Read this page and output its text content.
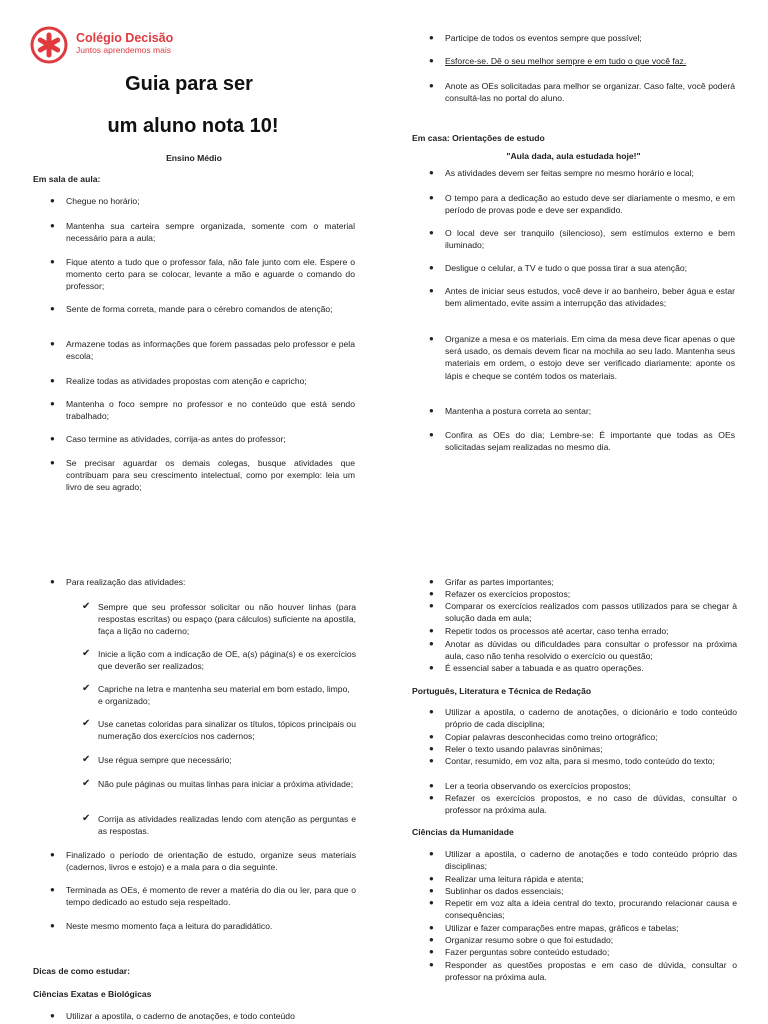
Colégio Decisão
Juntos aprendemos mais
Guia para ser
um aluno nota 10!
Ensino Médio
Em sala de aula:
● Chegue no horário;

● Mantenha sua carteira sempre organizada, somente com o material necessário para a aula;

● Fique atento a tudo que o professor fala, não fale junto com ele. Espere o momento certo para se colocar, levante a mão e aguarde o comando do professor;

● Sente de forma correta, mande para o cérebro comandos de atenção;

● Armazene todas as informações que forem passadas pelo professor e pela escola;

● Realize todas as atividades propostas com atenção e capricho;

● Mantenha o foco sempre no professor e no conteúdo que está sendo trabalhado;

● Caso termine as atividades, corrija-as antes do professor;

● Se precisar aguardar os demais colegas, busque atividades que contribuam para seu crescimento intelectual, como por exemplo: leia um livro de seu agrado;

● Participe de todos os eventos sempre que possível;

● Esforce-se. Dê o seu melhor sempre e em tudo o que você faz.

● Anote as OEs solicitadas para melhor se organizar. Caso falte, você poderá consultá-las no portal do aluno.

Em casa: Orientações de estudo
"Aula dada, aula estudada hoje!"
● As atividades devem ser feitas sempre no mesmo horário e local;

● O tempo para a dedicação ao estudo deve ser diariamente o mesmo, e em período de provas pode e deve ser expandido.

● O local deve ser tranquilo (silencioso), sem estímulos externo e bem iluminado;

● Desligue o celular, a TV e tudo o que possa tirar a sua atenção;

● Antes de iniciar seus estudos, você deve ir ao banheiro, beber água e estar bem alimentado, evite assim a interrupção das atividades;

● Organize a mesa e os materiais. Em cima da mesa deve ficar apenas o que será usado, os demais devem ficar na mochila ao seu lado. Mantenha seus materiais em ordem, o estojo deve ser verificado diariamente: aponte os lápis e cheque se contém todos os materiais.

● Mantenha a postura correta ao sentar;

● Confira as OEs do dia; Lembre-se: É importante que todas as OEs solicitadas sejam realizadas no mesmo dia.

● Para realização das atividades:

✔ Sempre que seu professor solicitar ou não houver linhas (para respostas escritas) ou espaço (para cálculos) suficiente na apostila, faça a lição no caderno;

✔ Inicie a lição com a indicação de OE, a(s) página(s) e os exercícios que deverão ser realizados;

✔ Capriche na letra e mantenha seu material em bom estado, limpo, e organizado;

✔ Use canetas coloridas para sinalizar os títulos, tópicos principais ou numeração dos exercícios nos cadernos;

✔ Use régua sempre que necessário;

✔ Não pule páginas ou muitas linhas para iniciar a próxima atividade;

✔ Corrija as atividades realizadas lendo com atenção as perguntas e as respostas.

● Finalizado o período de orientação de estudo, organize seus materiais (cadernos, livros e estojo) e a mala para o dia seguinte.

● Terminada as OEs, é momento de rever a matéria do dia ou ler, para que o tempo dedicado ao estudo seja respeitado.

● Neste mesmo momento faça a leitura do paradidático.

Dicas de como estudar:
Ciências Exatas e Biológicas
● Utilizar a apostila, o caderno de anotações, e todo conteúdo

● Grifar as partes importantes;

● Refazer os exercícios propostos;

● Comparar os exercícios realizados com passos utilizados para se chegar à solução dada em aula;

● Repetir todos os processos até acertar, caso tenha errado;

● Anotar as dúvidas ou dificuldades para consultar o professor na próxima aula, caso não tenha resolvido o exercício ou questão;

● É essencial saber a tabuada e as quatro operações.

Português, Literatura e Técnica de Redação
● Utilizar a apostila, o caderno de anotações, o dicionário e todo conteúdo próprio de cada disciplina;

● Copiar palavras desconhecidas como treino ortográfico;

● Reler o texto usando palavras sinônimas;

● Contar, resumido, em voz alta, para si mesmo, todo conteúdo do texto;

● Ler a teoria observando os exercícios propostos;

● Refazer os exercícios propostos, e no caso de dúvidas, consultar o professor na próxima aula.

Ciências da Humanidade
● Utilizar a apostila, o caderno de anotações e todo conteúdo próprio das disciplinas;

● Realizar uma leitura rápida e atenta;

● Sublinhar os dados essenciais;

● Repetir em voz alta a ideia central do texto, procurando relacionar causa e consequências;

● Utilizar e fazer comparações entre mapas, gráficos e tabelas;

● Organizar resumo sobre o que foi estudado;

● Fazer perguntas sobre conteúdo estudado;

● Responder as questões propostas e em caso de dúvida, consultar o professor na próxima aula.
